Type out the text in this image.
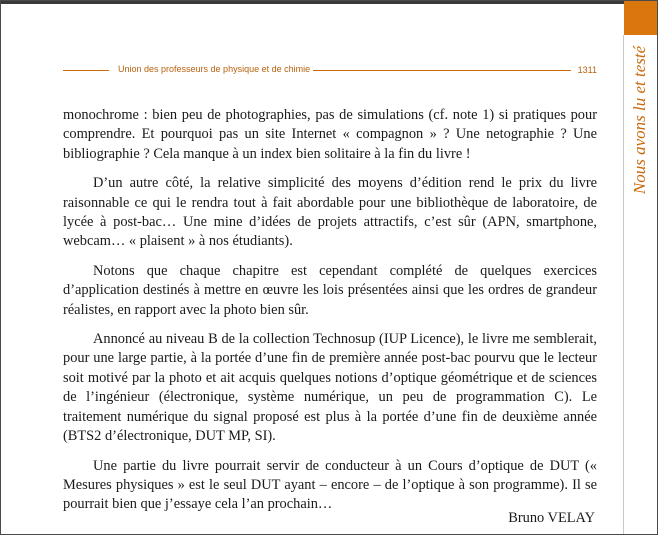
Nous avons lu et testé
Union des professeurs de physique et de chimie	1311

monochrome : bien peu de photographies, pas de simulations (cf. note 1) si pratiques pour comprendre. Et pourquoi pas un site Internet « compagnon » ? Une netographie ? Une bibliographie ? Cela manque à un index bien solitaire à la fin du livre !

D’un autre côté, la relative simplicité des moyens d’édition rend le prix du livre raisonnable ce qui le rendra tout à fait abordable pour une bibliothèque de laboratoire, de lycée à post-bac… Une mine d’idées de projets attractifs, c’est sûr (APN, smartphone, webcam… « plaisent » à nos étudiants).

Notons que chaque chapitre est cependant complété de quelques exercices d’application destinés à mettre en œuvre les lois présentées ainsi que les ordres de grandeur réalistes, en rapport avec la photo bien sûr.

Annoncé au niveau B de la collection Technosup (IUP Licence), le livre me semblerait, pour une large partie, à la portée d’une fin de première année post-bac pourvu que le lecteur soit motivé par la photo et ait acquis quelques notions d’optique géométrique et de sciences de l’ingénieur (électronique, système numérique, un peu de programmation C). Le traitement numérique du signal proposé est plus à la portée d’une fin de deuxième année (BTS2 d’électronique, DUT MP, SI).

Une partie du livre pourrait servir de conducteur à un Cours d’optique de DUT (« Mesures physiques » est le seul DUT ayant – encore – de l’optique à son programme). Il se pourrait bien que j’essaye cela l’an prochain…

Bruno VELAY
